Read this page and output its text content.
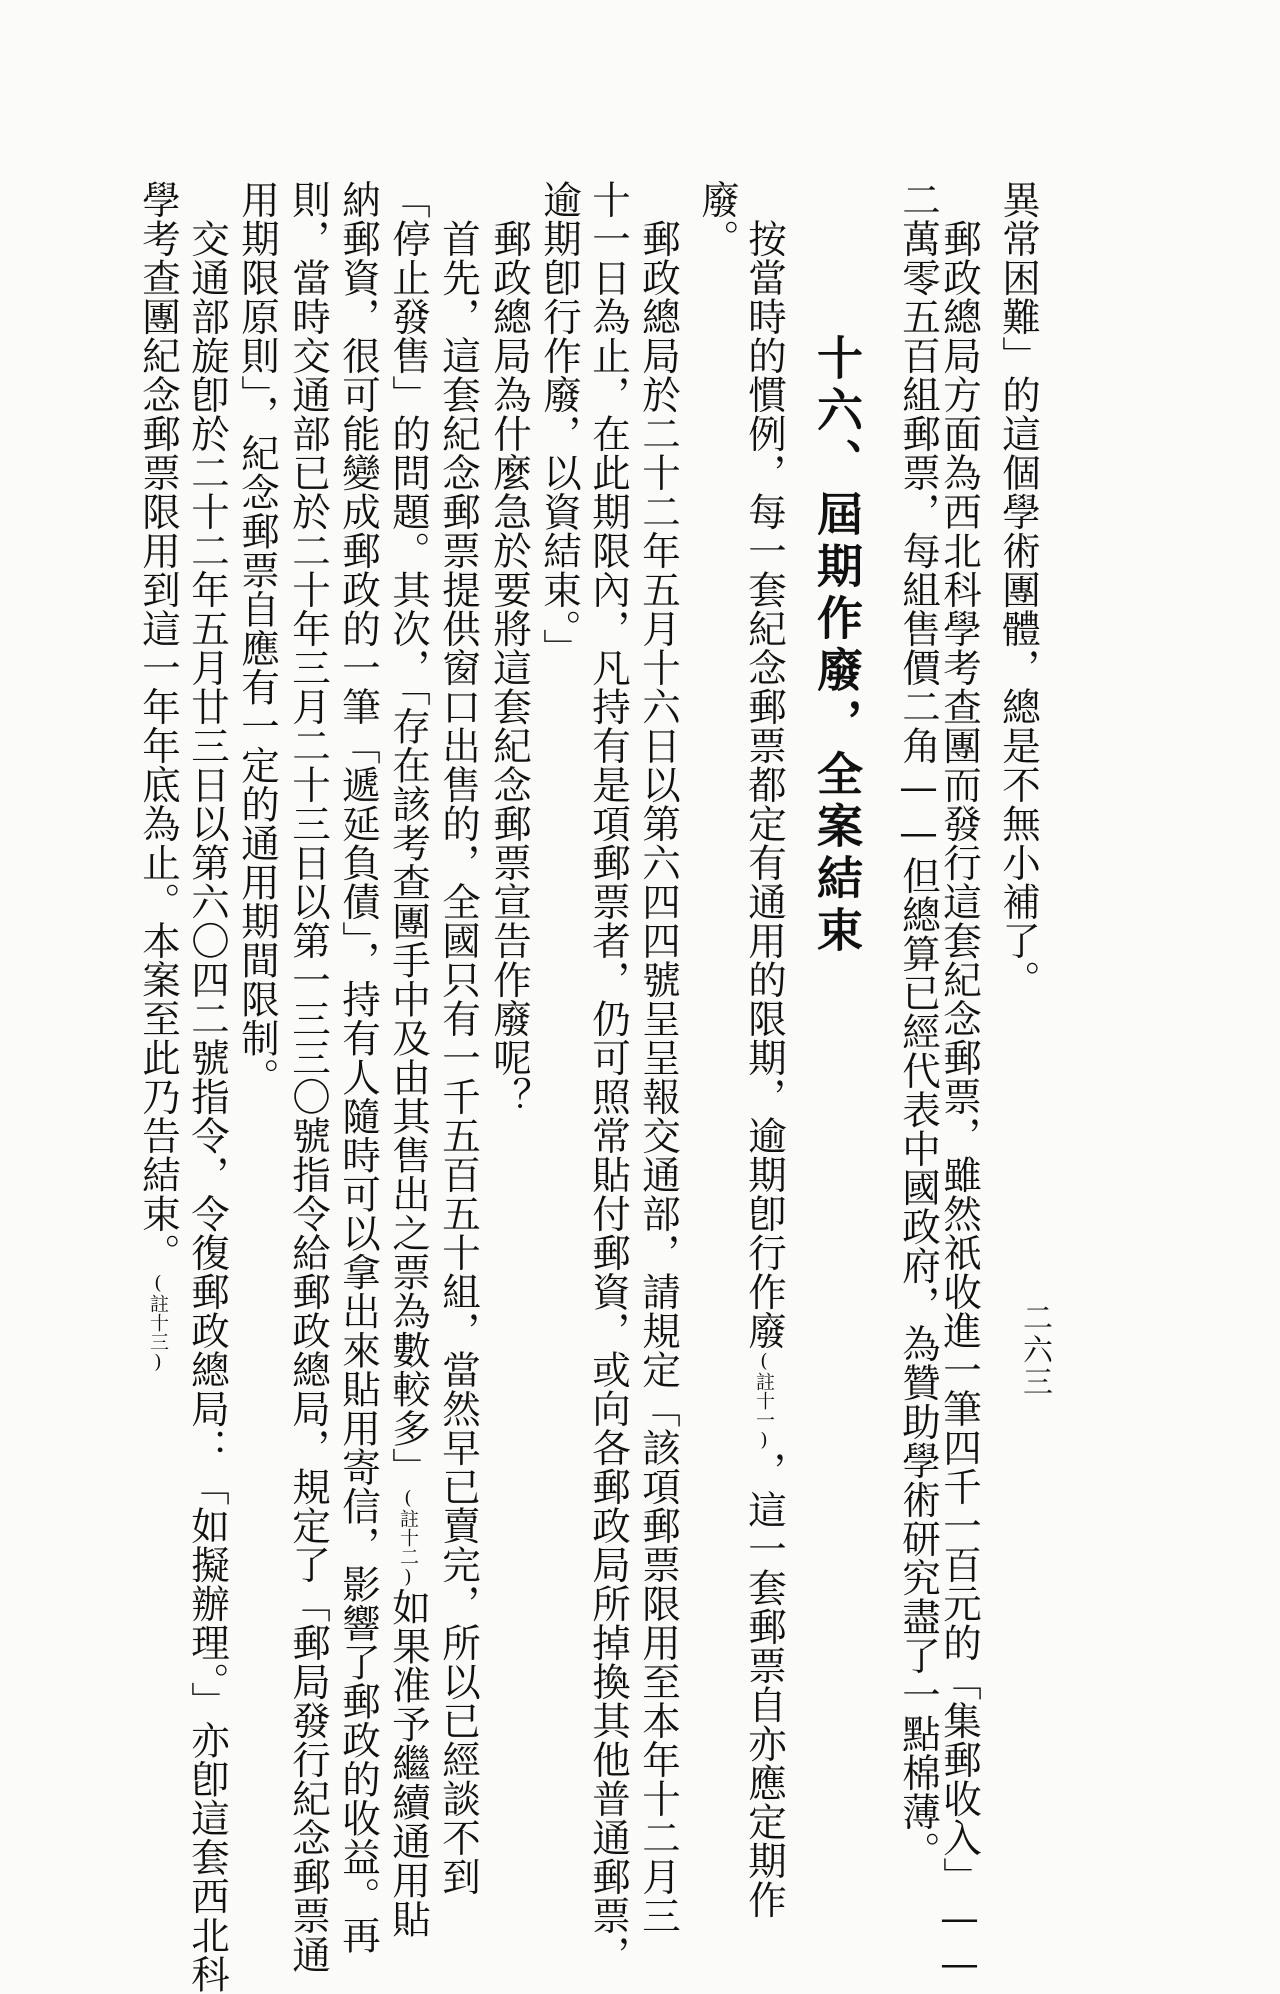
異常困難」的這個學術團體，總是不無小補了。
　郵政總局方面為西北科學考查團而發行這套紀念郵票，雖然祇收進一筆四千一百元的「集郵收入」——
二萬零五百組郵票，每組售價二角——但總算已經代表中國政府，為贊助學術研究盡了一點棉薄。
　　　十六、屆期作廢，全案結束
　按當時的慣例，每一套紀念郵票都定有通用的限期，逾期卽行作廢(註十一)，這一套郵票自亦應定期作
廢。
　郵政總局於二十二年五月十六日以第六四四號呈呈報交通部，請規定「該項郵票限用至本年十二月三
十一日為止，在此期限內，凡持有是項郵票者，仍可照常貼付郵資，或向各郵政局所掉換其他普通郵票，
逾期卽行作廢，以資結束。」
　郵政總局為什麼急於要將這套紀念郵票宣告作廢呢？
　首先，這套紀念郵票提供窗口出售的，全國只有一千五百五十組，當然早已賣完，所以已經談不到
「停止發售」的問題。其次，「存在該考查團手中及由其售出之票為數較多」(註十二)如果准予繼續通用貼
納郵資，很可能變成郵政的一筆「遞延負債」，持有人隨時可以拿出來貼用寄信，影響了郵政的收益。再
則，當時交通部已於二十年三月二十三日以第一三三〇號指令給郵政總局，規定了「郵局發行紀念郵票通
用期限原則」，紀念郵票自應有一定的通用期間限制。
　交通部旋卽於二十二年五月廿三日以第六〇四二號指令，令復郵政總局：「如擬辦理。」亦卽這套西北科
學考查團紀念郵票限用到這一年年底為止。本案至此乃告結束。(註十三)	二六三
